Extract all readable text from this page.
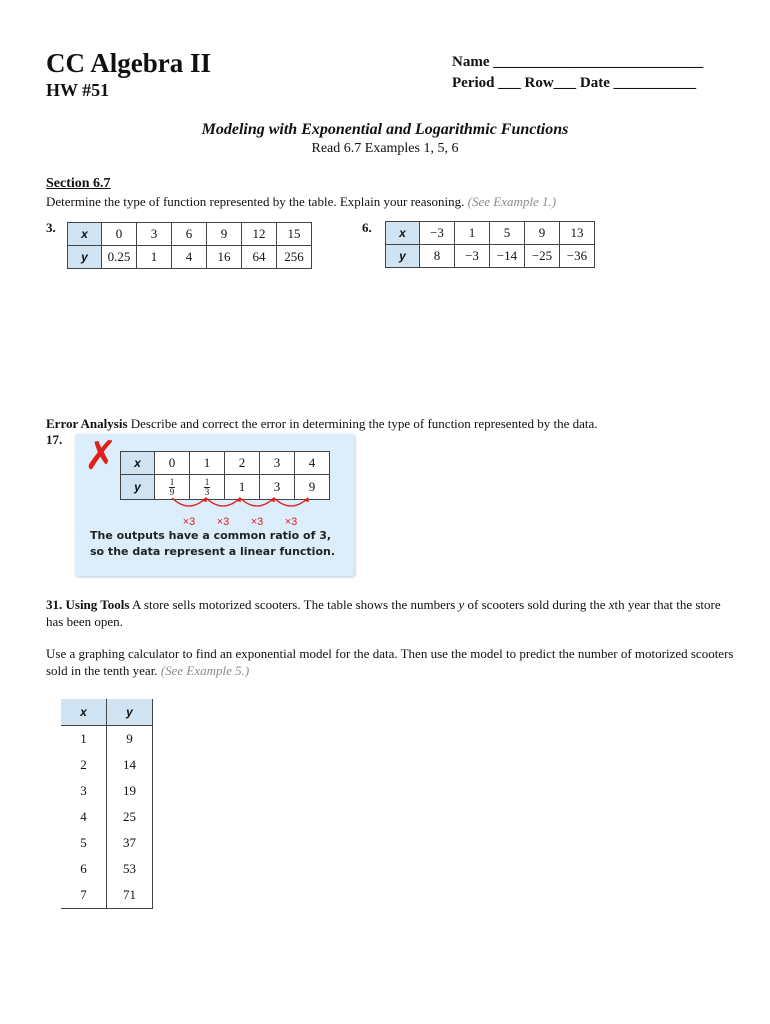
CC Algebra II
HW #51
Name ____________________________
Period ___ Row___ Date ___________
Modeling with Exponential and Logarithmic Functions
Read 6.7 Examples 1, 5, 6
Section 6.7
Determine the type of function represented by the table. Explain your reasoning. (See Example 1.)
3. x	0	3	6	9	12	15
y	0.25	1	4	16	64	256
6. x	−3	1	5	9	13
y	8	−3	−14	−25	−36
Error Analysis Describe and correct the error in determining the type of function represented by the data.
17. ✗ x	0	1	2	3	4
y	$\frac{1}{9}$	$\frac{1}{3}$	1	3	9
×3 ×3 ×3 ×3
The outputs have a common ratio of 3, so the data represent a linear function.
31. Using Tools A store sells motorized scooters. The table shows the numbers y of scooters sold during the xth year that the store has been open.
Use a graphing calculator to find an exponential model for the data. Then use the model to predict the number of motorized scooters sold in the tenth year. (See Example 5.)
x	y
1	9
2	14
3	19
4	25
5	37
6	53
7	71
